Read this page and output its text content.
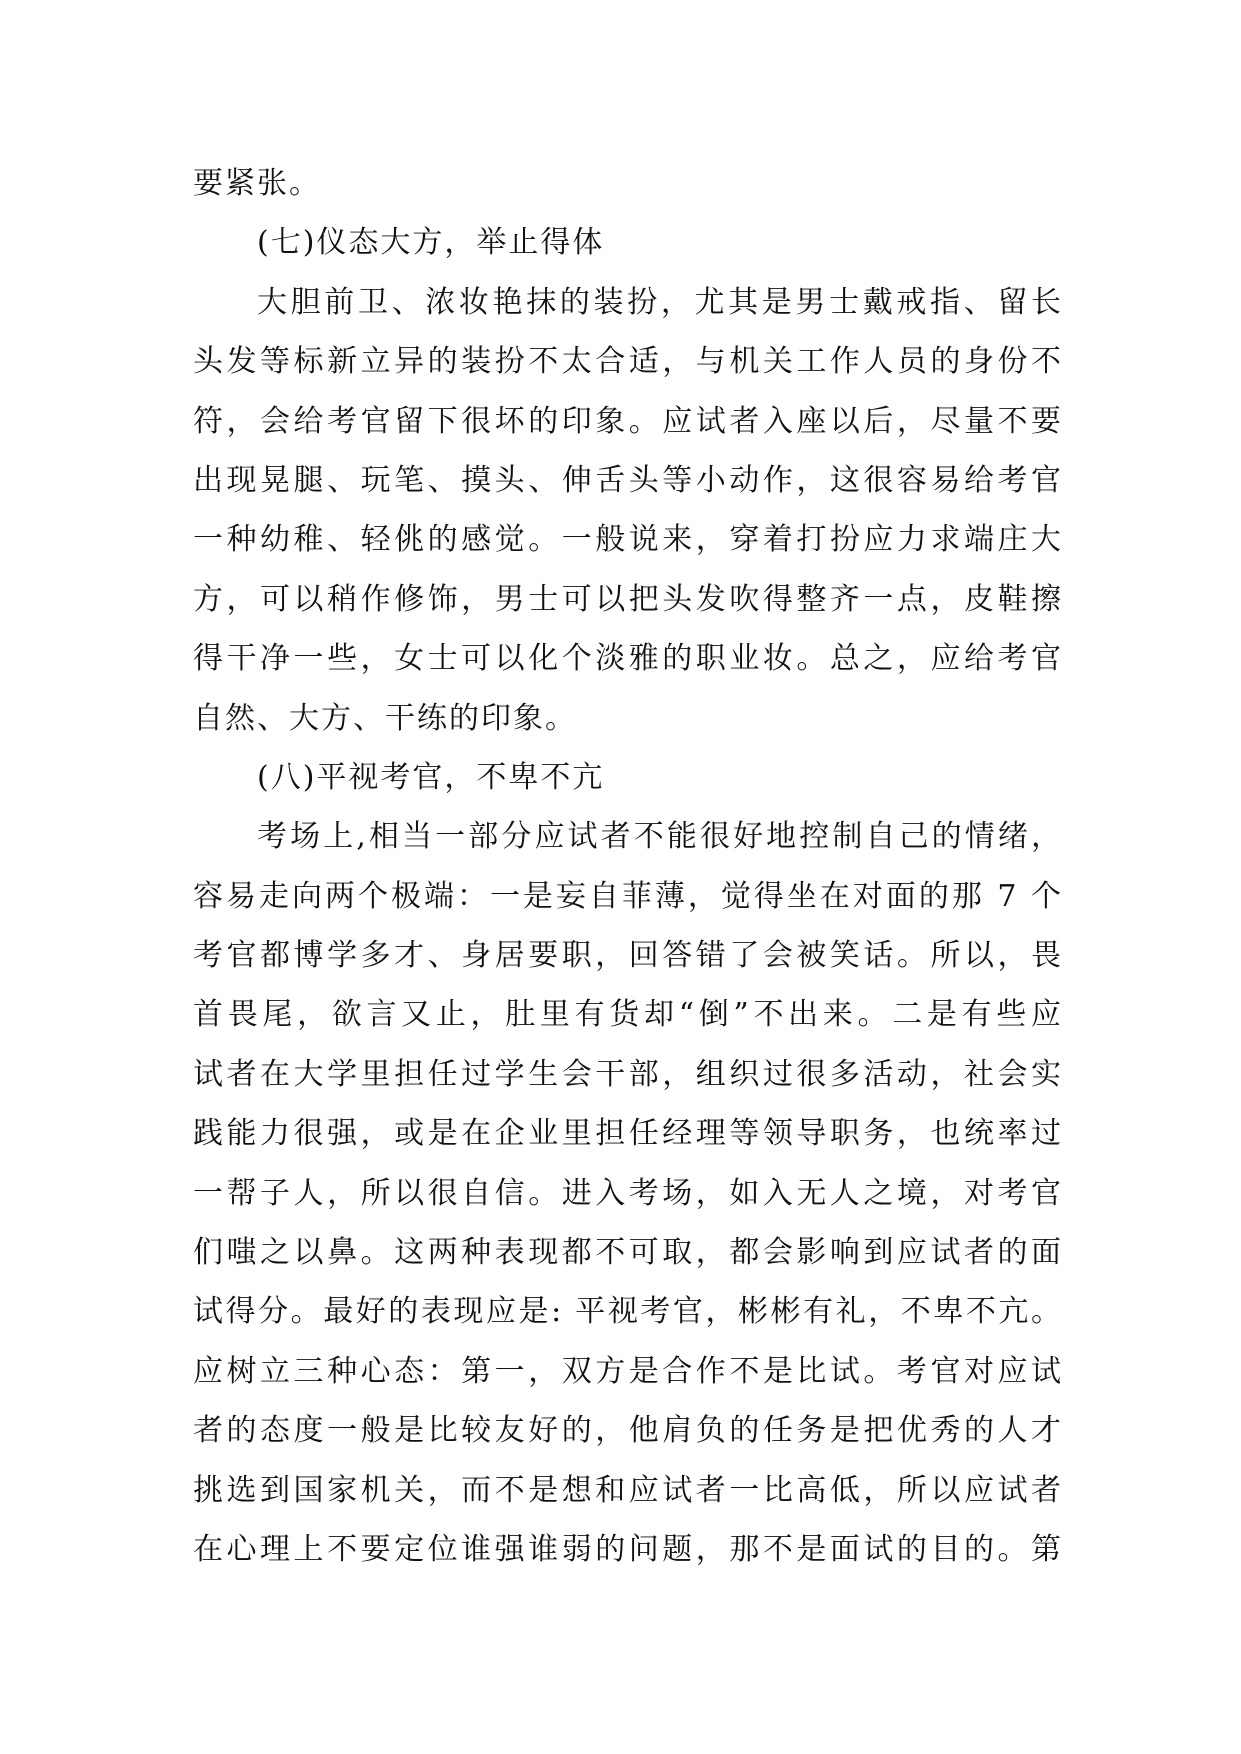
要紧张。
(七)仪态大方，举止得体
大胆前卫、浓妆艳抹的装扮，尤其是男士戴戒指、留长
头发等标新立异的装扮不太合适，与机关工作人员的身份不
符，会给考官留下很坏的印象。应试者入座以后，尽量不要
出现晃腿、玩笔、摸头、伸舌头等小动作，这很容易给考官
一种幼稚、轻佻的感觉。一般说来，穿着打扮应力求端庄大
方，可以稍作修饰，男士可以把头发吹得整齐一点，皮鞋擦
得干净一些，女士可以化个淡雅的职业妆。总之，应给考官
自然、大方、干练的印象。
(八)平视考官，不卑不亢
考场上,相当一部分应试者不能很好地控制自己的情绪，
容易走向两个极端：一是妄自菲薄，觉得坐在对面的那 7 个
考官都博学多才、身居要职，回答错了会被笑话。所以，畏
首畏尾，欲言又止，肚里有货却“倒”不出来。二是有些应
试者在大学里担任过学生会干部，组织过很多活动，社会实
践能力很强，或是在企业里担任经理等领导职务，也统率过
一帮子人，所以很自信。进入考场，如入无人之境，对考官
们嗤之以鼻。这两种表现都不可取，都会影响到应试者的面
试得分。最好的表现应是: 平视考官，彬彬有礼，不卑不亢。
应树立三种心态：第一，双方是合作不是比试。考官对应试
者的态度一般是比较友好的，他肩负的任务是把优秀的人才
挑选到国家机关，而不是想和应试者一比高低，所以应试者
在心理上不要定位谁强谁弱的问题，那不是面试的目的。第
